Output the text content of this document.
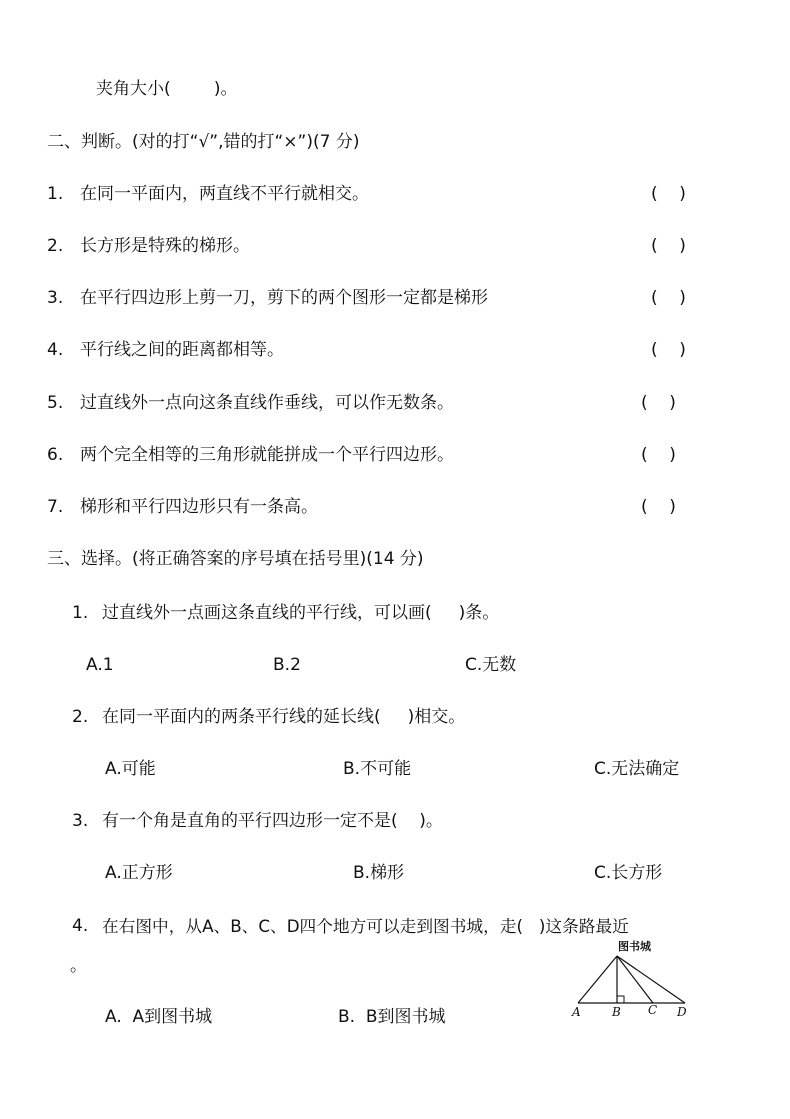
夹角大小(        )。
二、判断。(对的打“√”,错的打“×”)(7 分)
1. 在同一平面内，两直线不平行就相交。	(    )
2. 长方形是特殊的梯形。	(    )
3. 在平行四边形上剪一刀，剪下的两个图形一定都是梯形	(    )
4. 平行线之间的距离都相等。	(    )
5. 过直线外一点向这条直线作垂线，可以作无数条。	(    )
6. 两个完全相等的三角形就能拼成一个平行四边形。	(    )
7. 梯形和平行四边形只有一条高。	(    )
三、选择。(将正确答案的序号填在括号里)(14 分)
1. 过直线外一点画这条直线的平行线，可以画(     )条。
A.1	B.2	C.无数
2. 在同一平面内的两条平行线的延长线(     )相交。
A.可能	B.不可能	C.无法确定
3. 有一个角是直角的平行四边形一定不是(    )。
A.正方形	B.梯形	C.长方形
4. 在右图中，从A、B、C、D四个地方可以走到图书城，走(   )这条路最近
。
A.  A到图书城	B.  B到图书城
图书城
A	B C D
